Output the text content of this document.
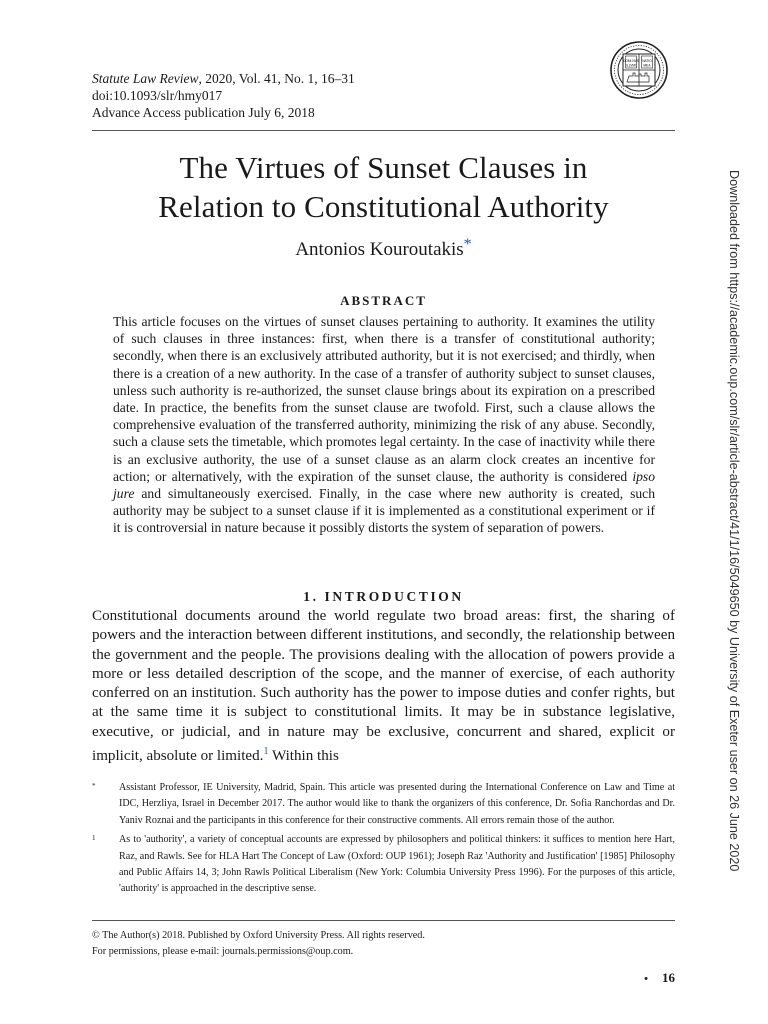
Statute Law Review, 2020, Vol. 41, No. 1, 16–31
doi:10.1093/slr/hmy017
Advance Access publication July 6, 2018
DOMI NVS
ILLVMI
NATIO
MEA
The Virtues of Sunset Clauses in
Relation to Constitutional Authority
Antonios Kouroutakis*
ABSTRACT
This article focuses on the virtues of sunset clauses pertaining to authority. It examines the utility of such clauses in three instances: first, when there is a transfer of constitutional authority; secondly, when there is an exclusively attributed authority, but it is not exercised; and thirdly, when there is a creation of a new authority. In the case of a transfer of authority subject to sunset clauses, unless such authority is re-authorized, the sunset clause brings about its expiration on a prescribed date. In practice, the benefits from the sunset clause are twofold. First, such a clause allows the comprehensive evaluation of the transferred authority, minimizing the risk of any abuse. Secondly, such a clause sets the timetable, which promotes legal certainty. In the case of inactivity while there is an exclusive authority, the use of a sunset clause as an alarm clock creates an incentive for action; or alternatively, with the expiration of the sunset clause, the authority is considered ipso jure and simultaneously exercised. Finally, in the case where new authority is created, such authority may be subject to a sunset clause if it is implemented as a constitutional experiment or if it is controversial in nature because it possibly distorts the system of separation of powers.
1. INTRODUCTION
Constitutional documents around the world regulate two broad areas: first, the sharing of powers and the interaction between different institutions, and secondly, the relationship between the government and the people. The provisions dealing with the allocation of powers provide a more or less detailed description of the scope, and the manner of exercise, of each authority conferred on an institution. Such authority has the power to impose duties and confer rights, but at the same time it is subject to constitutional limits. It may be in substance legislative, executive, or judicial, and in nature may be exclusive, concurrent and shared, explicit or implicit, absolute or limited.$^1$ Within this
* Assistant Professor, IE University, Madrid, Spain. This article was presented during the International Conference on Law and Time at IDC, Herzliya, Israel in December 2017. The author would like to thank the organizers of this conference, Dr. Sofia Ranchordas and Dr. Yaniv Roznai and the participants in this conference for their constructive comments. All errors remain those of the author.
1 As to 'authority', a variety of conceptual accounts are expressed by philosophers and political thinkers: it suffices to mention here Hart, Raz, and Rawls. See for HLA Hart The Concept of Law (Oxford: OUP 1961); Joseph Raz 'Authority and Justification' [1985] Philosophy and Public Affairs 14, 3; John Rawls Political Liberalism (New York: Columbia University Press 1996). For the purposes of this article, 'authority' is approached in the descriptive sense.
© The Author(s) 2018. Published by Oxford University Press. All rights reserved.
For permissions, please e-mail: journals.permissions@oup.com.
• 16
Downloaded from https://academic.oup.com/slr/article-abstract/41/1/16/5049650 by University of Exeter user on 26 June 2020
